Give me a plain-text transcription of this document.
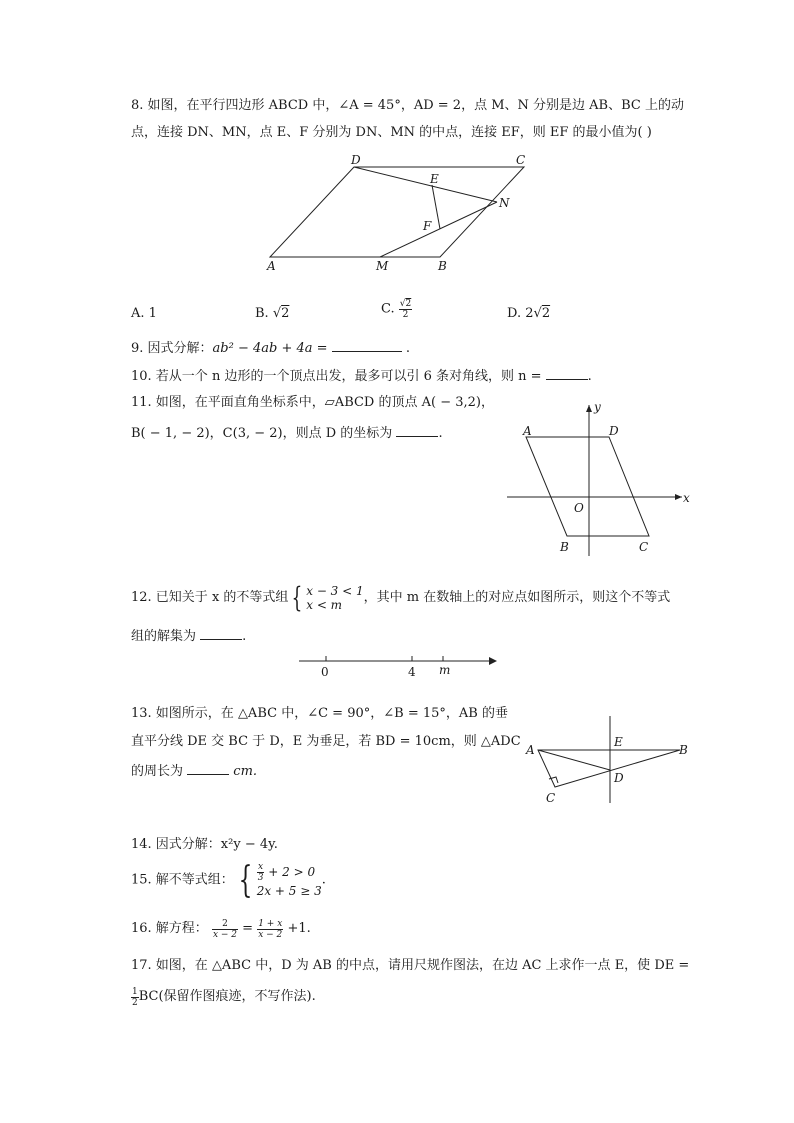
8. 如图，在平行四边形 ABCD 中，∠A = 45°，AD = 2，点 M、N 分别是边 AB、BC 上的动
点，连接 DN、MN，点 E、F 分别为 DN、MN 的中点，连接 EF，则 EF 的最小值为( )
D	C
E
N
F
A	M	B
A. 1	B. √2	C. $\frac{√2}{2}$	D. 2√2
9. 因式分解：ab² − 4ab + 4a =	.
10. 若从一个 n 边形的一个顶点出发，最多可以引 6 条对角线，则 n =	.
11. 如图，在平面直角坐标系中，▱ABCD 的顶点 A( − 3,2)，
B( − 1, − 2)，C(3, − 2)，则点 D 的坐标为	.
y
x
O
A	D
B	C
12. 已知关于 x 的不等式组 { x − 3 < 1
x < m	，其中 m 在数轴上的对应点如图所示，则这个不等式
组的解集为	.
0	4 m
13. 如图所示，在 △ABC 中，∠C = 90°，∠B = 15°，AB 的垂
直平分线 DE 交 BC 于 D，E 为垂足，若 BD = 10cm，则 △ADC
的周长为	cm.
A
E
B
D
C
14. 因式分解：x²y − 4y.
15. 解不等式组： { $\frac{x}{3} + 2 > 0$
2x + 5 ≥ 3
.
16. 解方程： $\frac{2}{x - 2} = \frac{1 + x}{x - 2} +1$.
17. 如图，在 △ABC 中，D 为 AB 的中点，请用尺规作图法，在边 AC 上求作一点 E，使 DE =
$\frac{1}{2} BC$(保留作图痕迹，不写作法).
